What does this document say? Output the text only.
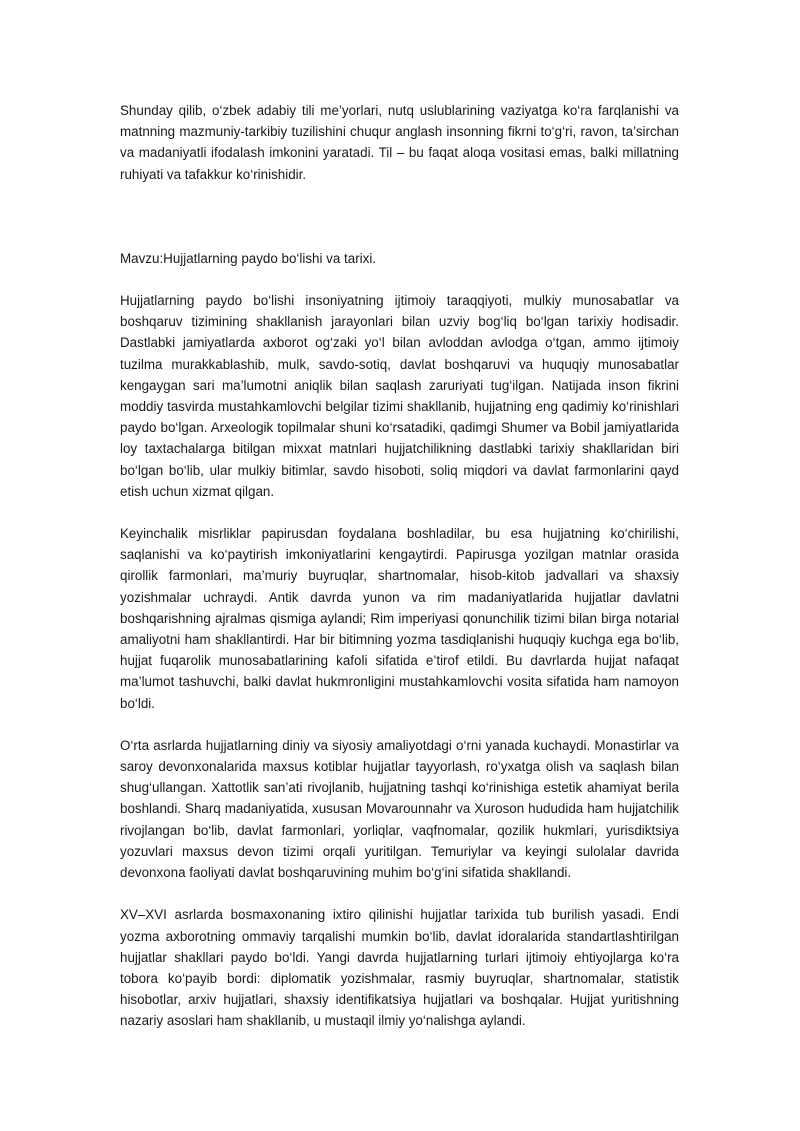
Shunday qilib, o‘zbek adabiy tili me’yorlari, nutq uslublarining vaziyatga ko‘ra farqlanishi va matnning mazmuniy-tarkibiy tuzilishini chuqur anglash insonning fikrni to‘g‘ri, ravon, ta’sirchan va madaniyatli ifodalash imkonini yaratadi. Til – bu faqat aloqa vositasi emas, balki millatning ruhiyati va tafakkur ko‘rinishidir.

Mavzu:Hujjatlarning paydo bo‘lishi va tarixi.

Hujjatlarning paydo bo‘lishi insoniyatning ijtimoiy taraqqiyoti, mulkiy munosabatlar va boshqaruv tizimining shakllanish jarayonlari bilan uzviy bog‘liq bo‘lgan tarixiy hodisadir. Dastlabki jamiyatlarda axborot og‘zaki yo‘l bilan avloddan avlodga o‘tgan, ammo ijtimoiy tuzilma murakkablashib, mulk, savdo-sotiq, davlat boshqaruvi va huquqiy munosabatlar kengaygan sari ma’lumotni aniqlik bilan saqlash zaruriyati tug‘ilgan. Natijada inson fikrini moddiy tasvirda mustahkamlovchi belgilar tizimi shakllanib, hujjatning eng qadimiy ko‘rinishlari paydo bo‘lgan. Arxeologik topilmalar shuni ko‘rsatadiki, qadimgi Shumer va Bobil jamiyatlarida loy taxtachalarga bitilgan mixxat matnlari hujjatchilikning dastlabki tarixiy shakllaridan biri bo‘lgan bo‘lib, ular mulkiy bitimlar, savdo hisoboti, soliq miqdori va davlat farmonlarini qayd etish uchun xizmat qilgan.

Keyinchalik misrliklar papirusdan foydalana boshladilar, bu esa hujjatning ko‘chirilishi, saqlanishi va ko‘paytirish imkoniyatlarini kengaytirdi. Papirusga yozilgan matnlar orasida qirollik farmonlari, ma’muriy buyruqlar, shartnomalar, hisob-kitob jadvallari va shaxsiy yozishmalar uchraydi. Antik davrda yunon va rim madaniyatlarida hujjatlar davlatni boshqarishning ajralmas qismiga aylandi; Rim imperiyasi qonunchilik tizimi bilan birga notarial amaliyotni ham shakllantirdi. Har bir bitimning yozma tasdiqlanishi huquqiy kuchga ega bo‘lib, hujjat fuqarolik munosabatlarining kafoli sifatida e’tirof etildi. Bu davrlarda hujjat nafaqat ma’lumot tashuvchi, balki davlat hukmronligini mustahkamlovchi vosita sifatida ham namoyon bo‘ldi.

O‘rta asrlarda hujjatlarning diniy va siyosiy amaliyotdagi o‘rni yanada kuchaydi. Monastirlar va saroy devonxonalarida maxsus kotiblar hujjatlar tayyorlash, ro‘yxatga olish va saqlash bilan shug‘ullangan. Xattotlik san’ati rivojlanib, hujjatning tashqi ko‘rinishiga estetik ahamiyat berila boshlandi. Sharq madaniyatida, xususan Movarounnahr va Xuroson hududida ham hujjatchilik rivojlangan bo‘lib, davlat farmonlari, yorliqlar, vaqfnomalar, qozilik hukmlari, yurisdiktsiya yozuvlari maxsus devon tizimi orqali yuritilgan. Temuriylar va keyingi sulolalar davrida devonxona faoliyati davlat boshqaruvining muhim bo‘g‘ini sifatida shakllandi.

XV–XVI asrlarda bosmaxonaning ixtiro qilinishi hujjatlar tarixida tub burilish yasadi. Endi yozma axborotning ommaviy tarqalishi mumkin bo‘lib, davlat idoralarida standartlashtirilgan hujjatlar shakllari paydo bo‘ldi. Yangi davrda hujjatlarning turlari ijtimoiy ehtiyojlarga ko‘ra tobora ko‘payib bordi: diplomatik yozishmalar, rasmiy buyruqlar, shartnomalar, statistik hisobotlar, arxiv hujjatlari, shaxsiy identifikatsiya hujjatlari va boshqalar. Hujjat yuritishning nazariy asoslari ham shakllanib, u mustaqil ilmiy yo‘nalishga aylandi.
